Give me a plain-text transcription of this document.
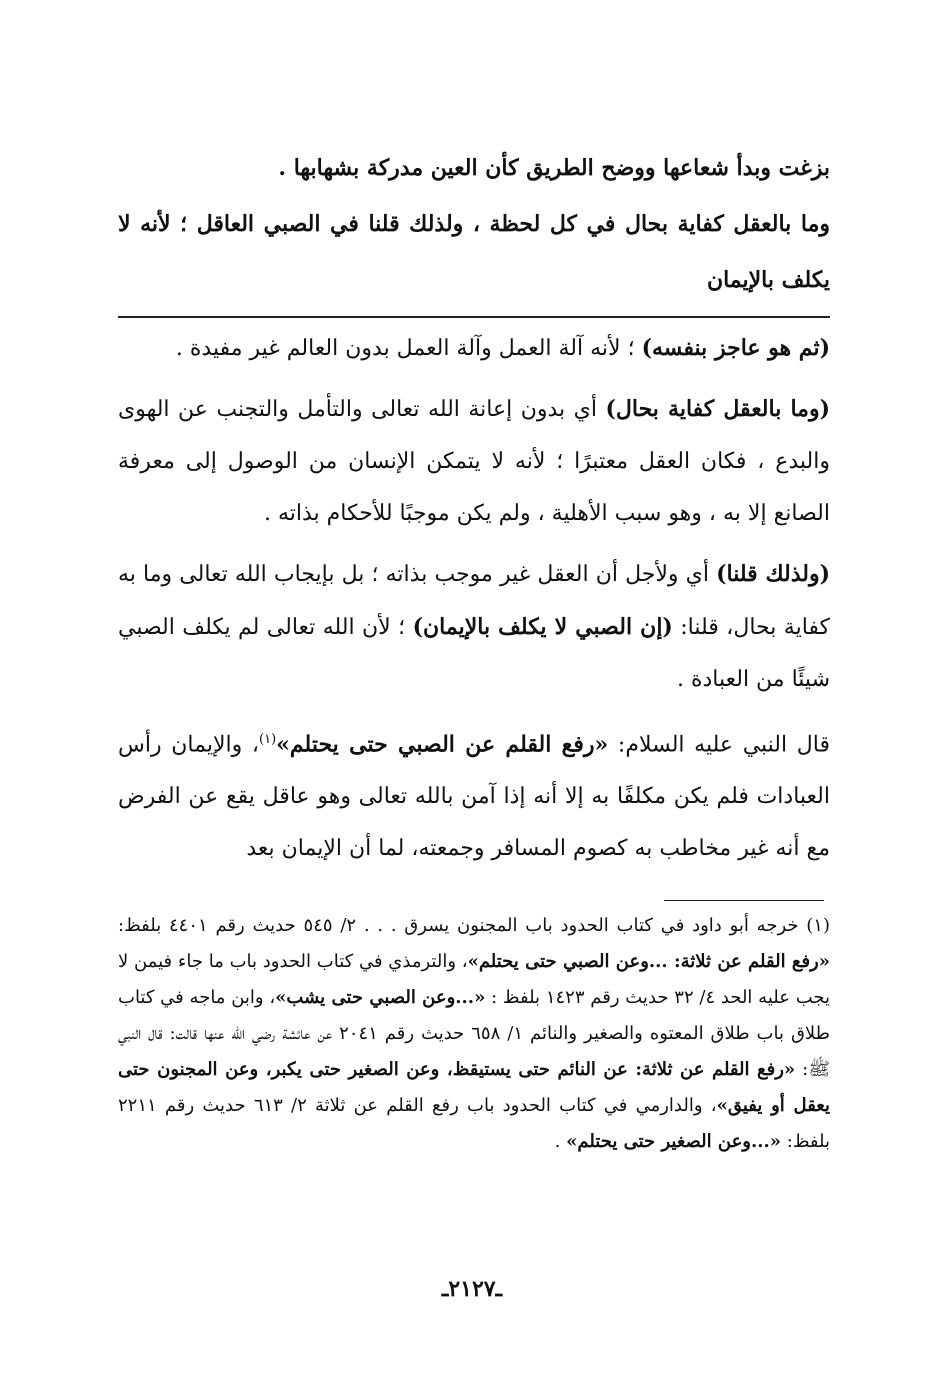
بزغت وبدأ شعاعها ووضح الطريق كأن العين مدركة بشهابها .

وما بالعقل كفاية بحال في كل لحظة ، ولذلك قلنا في الصبي العاقل ؛ لأنه لا يكلف بالإيمان

(ثم هو عاجز بنفسه) ؛ لأنه آلة العمل وآلة العمل بدون العالم غير مفيدة .

(وما بالعقل كفاية بحال) أي بدون إعانة الله تعالى والتأمل والتجنب عن الهوى والبدع ، فكان العقل معتبرًا ؛ لأنه لا يتمكن الإنسان من الوصول إلى معرفة الصانع إلا به ، وهو سبب الأهلية ، ولم يكن موجبًا للأحكام بذاته .

(ولذلك قلنا) أي ولأجل أن العقل غير موجب بذاته ؛ بل بإيجاب الله تعالى وما به كفاية بحال، قلنا: (إن الصبي لا يكلف بالإيمان) ؛ لأن الله تعالى لم يكلف الصبي شيئًا من العبادة .

قال النبي عليه السلام: «رفع القلم عن الصبي حتى يحتلم»$^{(١)}$، والإيمان رأس العبادات فلم يكن مكلفًا به إلا أنه إذا آمن بالله تعالى وهو عاقل يقع عن الفرض مع أنه غير مخاطب به كصوم المسافر وجمعته، لما أن الإيمان بعد

(١) خرجه أبو داود في كتاب الحدود باب المجنون يسرق . . . ٢/ ٥٤٥ حديث رقم ٤٤٠١ بلفظ: «رفع القلم عن ثلاثة: ...وعن الصبي حتى يحتلم»، والترمذي في كتاب الحدود باب ما جاء فيمن لا يجب عليه الحد ٤/ ٣٢ حديث رقم ١٤٢٣ بلفظ : «...وعن الصبي حتى يشب»، وابن ماجه في كتاب طلاق باب طلاق المعتوه والصغير والنائم ١/ ٦٥٨ حديث رقم ٢٠٤١ عن عائشة رضي الله عنها قالت: قال النبي ﷺ: «رفع القلم عن ثلاثة: عن النائم حتى يستيقظ، وعن الصغير حتى يكبر، وعن المجنون حتى يعقل أو يفيق»، والدارمي في كتاب الحدود باب رفع القلم عن ثلاثة ٢/ ٦١٣ حديث رقم ٢٢١١ بلفظ: «...وعن الصغير حتى يحتلم» .

ـ٢١٢٧ـ
